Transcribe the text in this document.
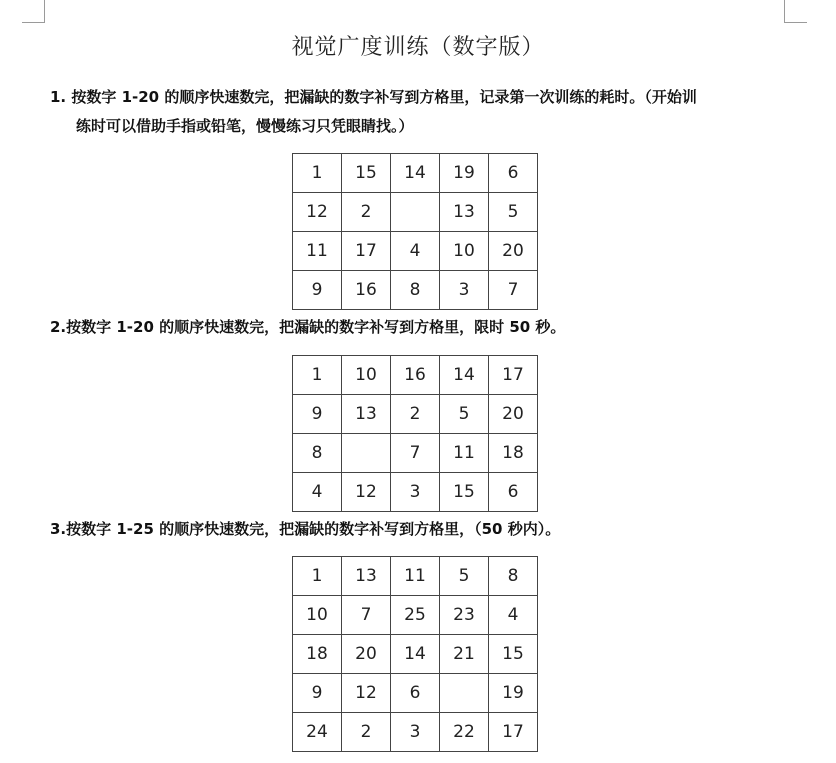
视觉广度训练（数字版）
1. 按数字 1-20 的顺序快速数完，把漏缺的数字补写到方格里，记录第一次训练的耗时。（开始训
练时可以借助手指或铅笔，慢慢练习只凭眼睛找。）
1	15	14	19	6
12	2		13	5
11	17	4	10	20
9	16	8	3	7
2.按数字 1-20 的顺序快速数完，把漏缺的数字补写到方格里，限时 50 秒。
1	10	16	14	17
9	13	2	5	20
8		7	11	18
4	12	3	15	6
3.按数字 1-25 的顺序快速数完，把漏缺的数字补写到方格里，（50 秒内）。
1	13	11	5	8
10	7	25	23	4
18	20	14	21	15
9	12	6		19
24	2	3	22	17
